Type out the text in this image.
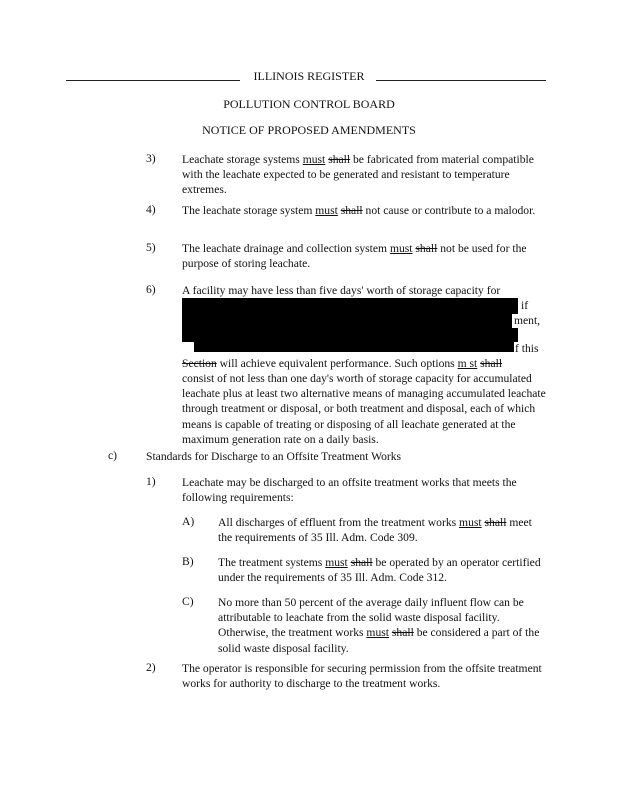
ILLINOIS REGISTER
POLLUTION CONTROL BOARD
NOTICE OF PROPOSED AMENDMENTS
3) Leachate storage systems must shall be fabricated from material compatible with the leachate expected to be generated and resistant to temperature extremes.
4) The leachate storage system must shall not cause or contribute to a malodor.
5) The leachate drainage and collection system must shall not be used for the purpose of storing leachate.
6) A facility may have less than five days' worth of storage capacity for
if
ment,
f this
Section will achieve equivalent performance. Such options m st shall
consist of not less than one day's worth of storage capacity for accumulated leachate plus at least two alternative means of managing accumulated leachate through treatment or disposal, or both treatment and disposal, each of which means is capable of treating or disposing of all leachate generated at the maximum generation rate on a daily basis.
c) Standards for Discharge to an Offsite Treatment Works
1) Leachate may be discharged to an offsite treatment works that meets the following requirements:
A) All discharges of effluent from the treatment works must shall meet the requirements of 35 Ill. Adm. Code 309.
B) The treatment systems must shall be operated by an operator certified under the requirements of 35 Ill. Adm. Code 312.
C) No more than 50 percent of the average daily influent flow can be attributable to leachate from the solid waste disposal facility. Otherwise, the treatment works must shall be considered a part of the solid waste disposal facility.
2) The operator is responsible for securing permission from the offsite treatment works for authority to discharge to the treatment works.
